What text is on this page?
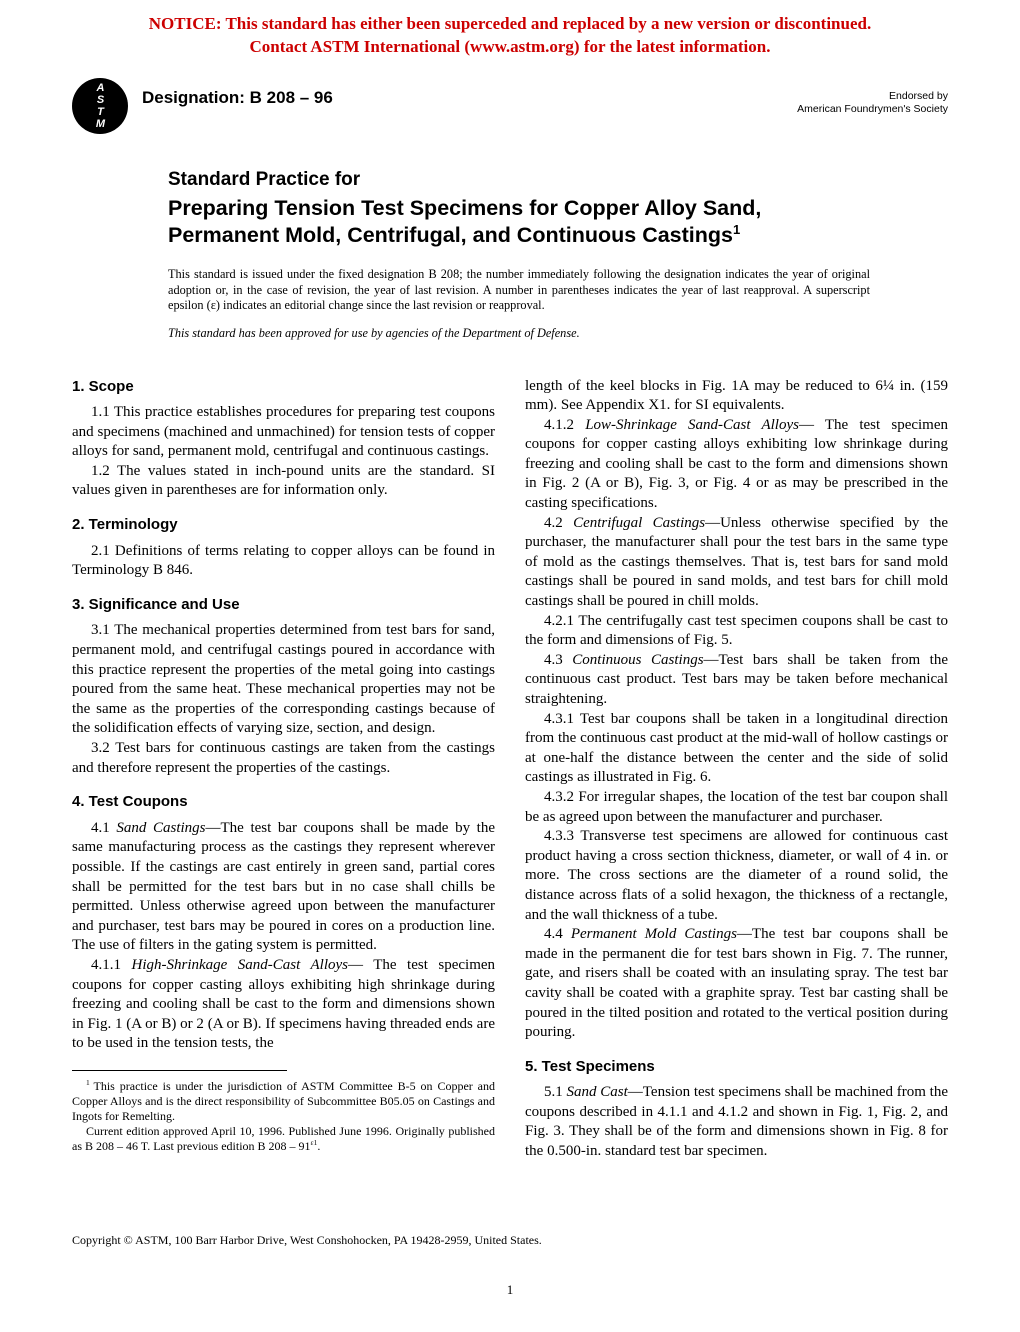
NOTICE: This standard has either been superceded and replaced by a new version or discontinued.
Contact ASTM International (www.astm.org) for the latest information.
ASTM Designation: B 208 – 96	Endorsed by
American Foundrymen's Society
Standard Practice for
Preparing Tension Test Specimens for Copper Alloy Sand,
Permanent Mold, Centrifugal, and Continuous Castings$^1$

This standard is issued under the fixed designation B 208; the number immediately following the designation indicates the year of original adoption or, in the case of revision, the year of last revision. A number in parentheses indicates the year of last reapproval. A superscript epsilon (ε) indicates an editorial change since the last revision or reapproval.

This standard has been approved for use by agencies of the Department of Defense.

1. Scope

1.1 This practice establishes procedures for preparing test coupons and specimens (machined and unmachined) for tension tests of copper alloys for sand, permanent mold, centrifugal and continuous castings.

1.2 The values stated in inch-pound units are the standard. SI values given in parentheses are for information only.

2. Terminology

2.1 Definitions of terms relating to copper alloys can be found in Terminology B 846.

3. Significance and Use

3.1 The mechanical properties determined from test bars for sand, permanent mold, and centrifugal castings poured in accordance with this practice represent the properties of the metal going into castings poured from the same heat. These mechanical properties may not be the same as the properties of the corresponding castings because of the solidification effects of varying size, section, and design.

3.2 Test bars for continuous castings are taken from the castings and therefore represent the properties of the castings.

4. Test Coupons

4.1 Sand Castings—The test bar coupons shall be made by the same manufacturing process as the castings they represent wherever possible. If the castings are cast entirely in green sand, partial cores shall be permitted for the test bars but in no case shall chills be permitted. Unless otherwise agreed upon between the manufacturer and purchaser, test bars may be poured in cores on a production line. The use of filters in the gating system is permitted.

4.1.1 High-Shrinkage Sand-Cast Alloys— The test specimen coupons for copper casting alloys exhibiting high shrinkage during freezing and cooling shall be cast to the form and dimensions shown in Fig. 1 (A or B) or 2 (A or B). If specimens having threaded ends are to be used in the tension tests, the

$^1$ This practice is under the jurisdiction of ASTM Committee B-5 on Copper and Copper Alloys and is the direct responsibility of Subcommittee B05.05 on Castings and Ingots for Remelting.

Current edition approved April 10, 1996. Published June 1996. Originally published as B 208 – 46 T. Last previous edition B $208 - 91^{\varepsilon 1}$.

length of the keel blocks in Fig. 1A may be reduced to 6¼ in. (159 mm). See Appendix X1. for SI equivalents.

4.1.2 Low-Shrinkage Sand-Cast Alloys— The test specimen coupons for copper casting alloys exhibiting low shrinkage during freezing and cooling shall be cast to the form and dimensions shown in Fig. 2 (A or B), Fig. 3, or Fig. 4 or as may be prescribed in the casting specifications.

4.2 Centrifugal Castings—Unless otherwise specified by the purchaser, the manufacturer shall pour the test bars in the same type of mold as the castings themselves. That is, test bars for sand mold castings shall be poured in sand molds, and test bars for chill mold castings shall be poured in chill molds.

4.2.1 The centrifugally cast test specimen coupons shall be cast to the form and dimensions of Fig. 5.

4.3 Continuous Castings—Test bars shall be taken from the continuous cast product. Test bars may be taken before mechanical straightening.

4.3.1 Test bar coupons shall be taken in a longitudinal direction from the continuous cast product at the mid-wall of hollow castings or at one-half the distance between the center and the side of solid castings as illustrated in Fig. 6.

4.3.2 For irregular shapes, the location of the test bar coupon shall be as agreed upon between the manufacturer and purchaser.

4.3.3 Transverse test specimens are allowed for continuous cast product having a cross section thickness, diameter, or wall of 4 in. or more. The cross sections are the diameter of a round solid, the distance across flats of a solid hexagon, the thickness of a rectangle, and the wall thickness of a tube.

4.4 Permanent Mold Castings—The test bar coupons shall be made in the permanent die for test bars shown in Fig. 7. The runner, gate, and risers shall be coated with an insulating spray. The test bar cavity shall be coated with a graphite spray. Test bar casting shall be poured in the tilted position and rotated to the vertical position during pouring.

5. Test Specimens

5.1 Sand Cast—Tension test specimens shall be machined from the coupons described in 4.1.1 and 4.1.2 and shown in Fig. 1, Fig. 2, and Fig. 3. They shall be of the form and dimensions shown in Fig. 8 for the 0.500-in. standard test bar specimen.

Copyright © ASTM, 100 Barr Harbor Drive, West Conshohocken, PA 19428-2959, United States.
1
